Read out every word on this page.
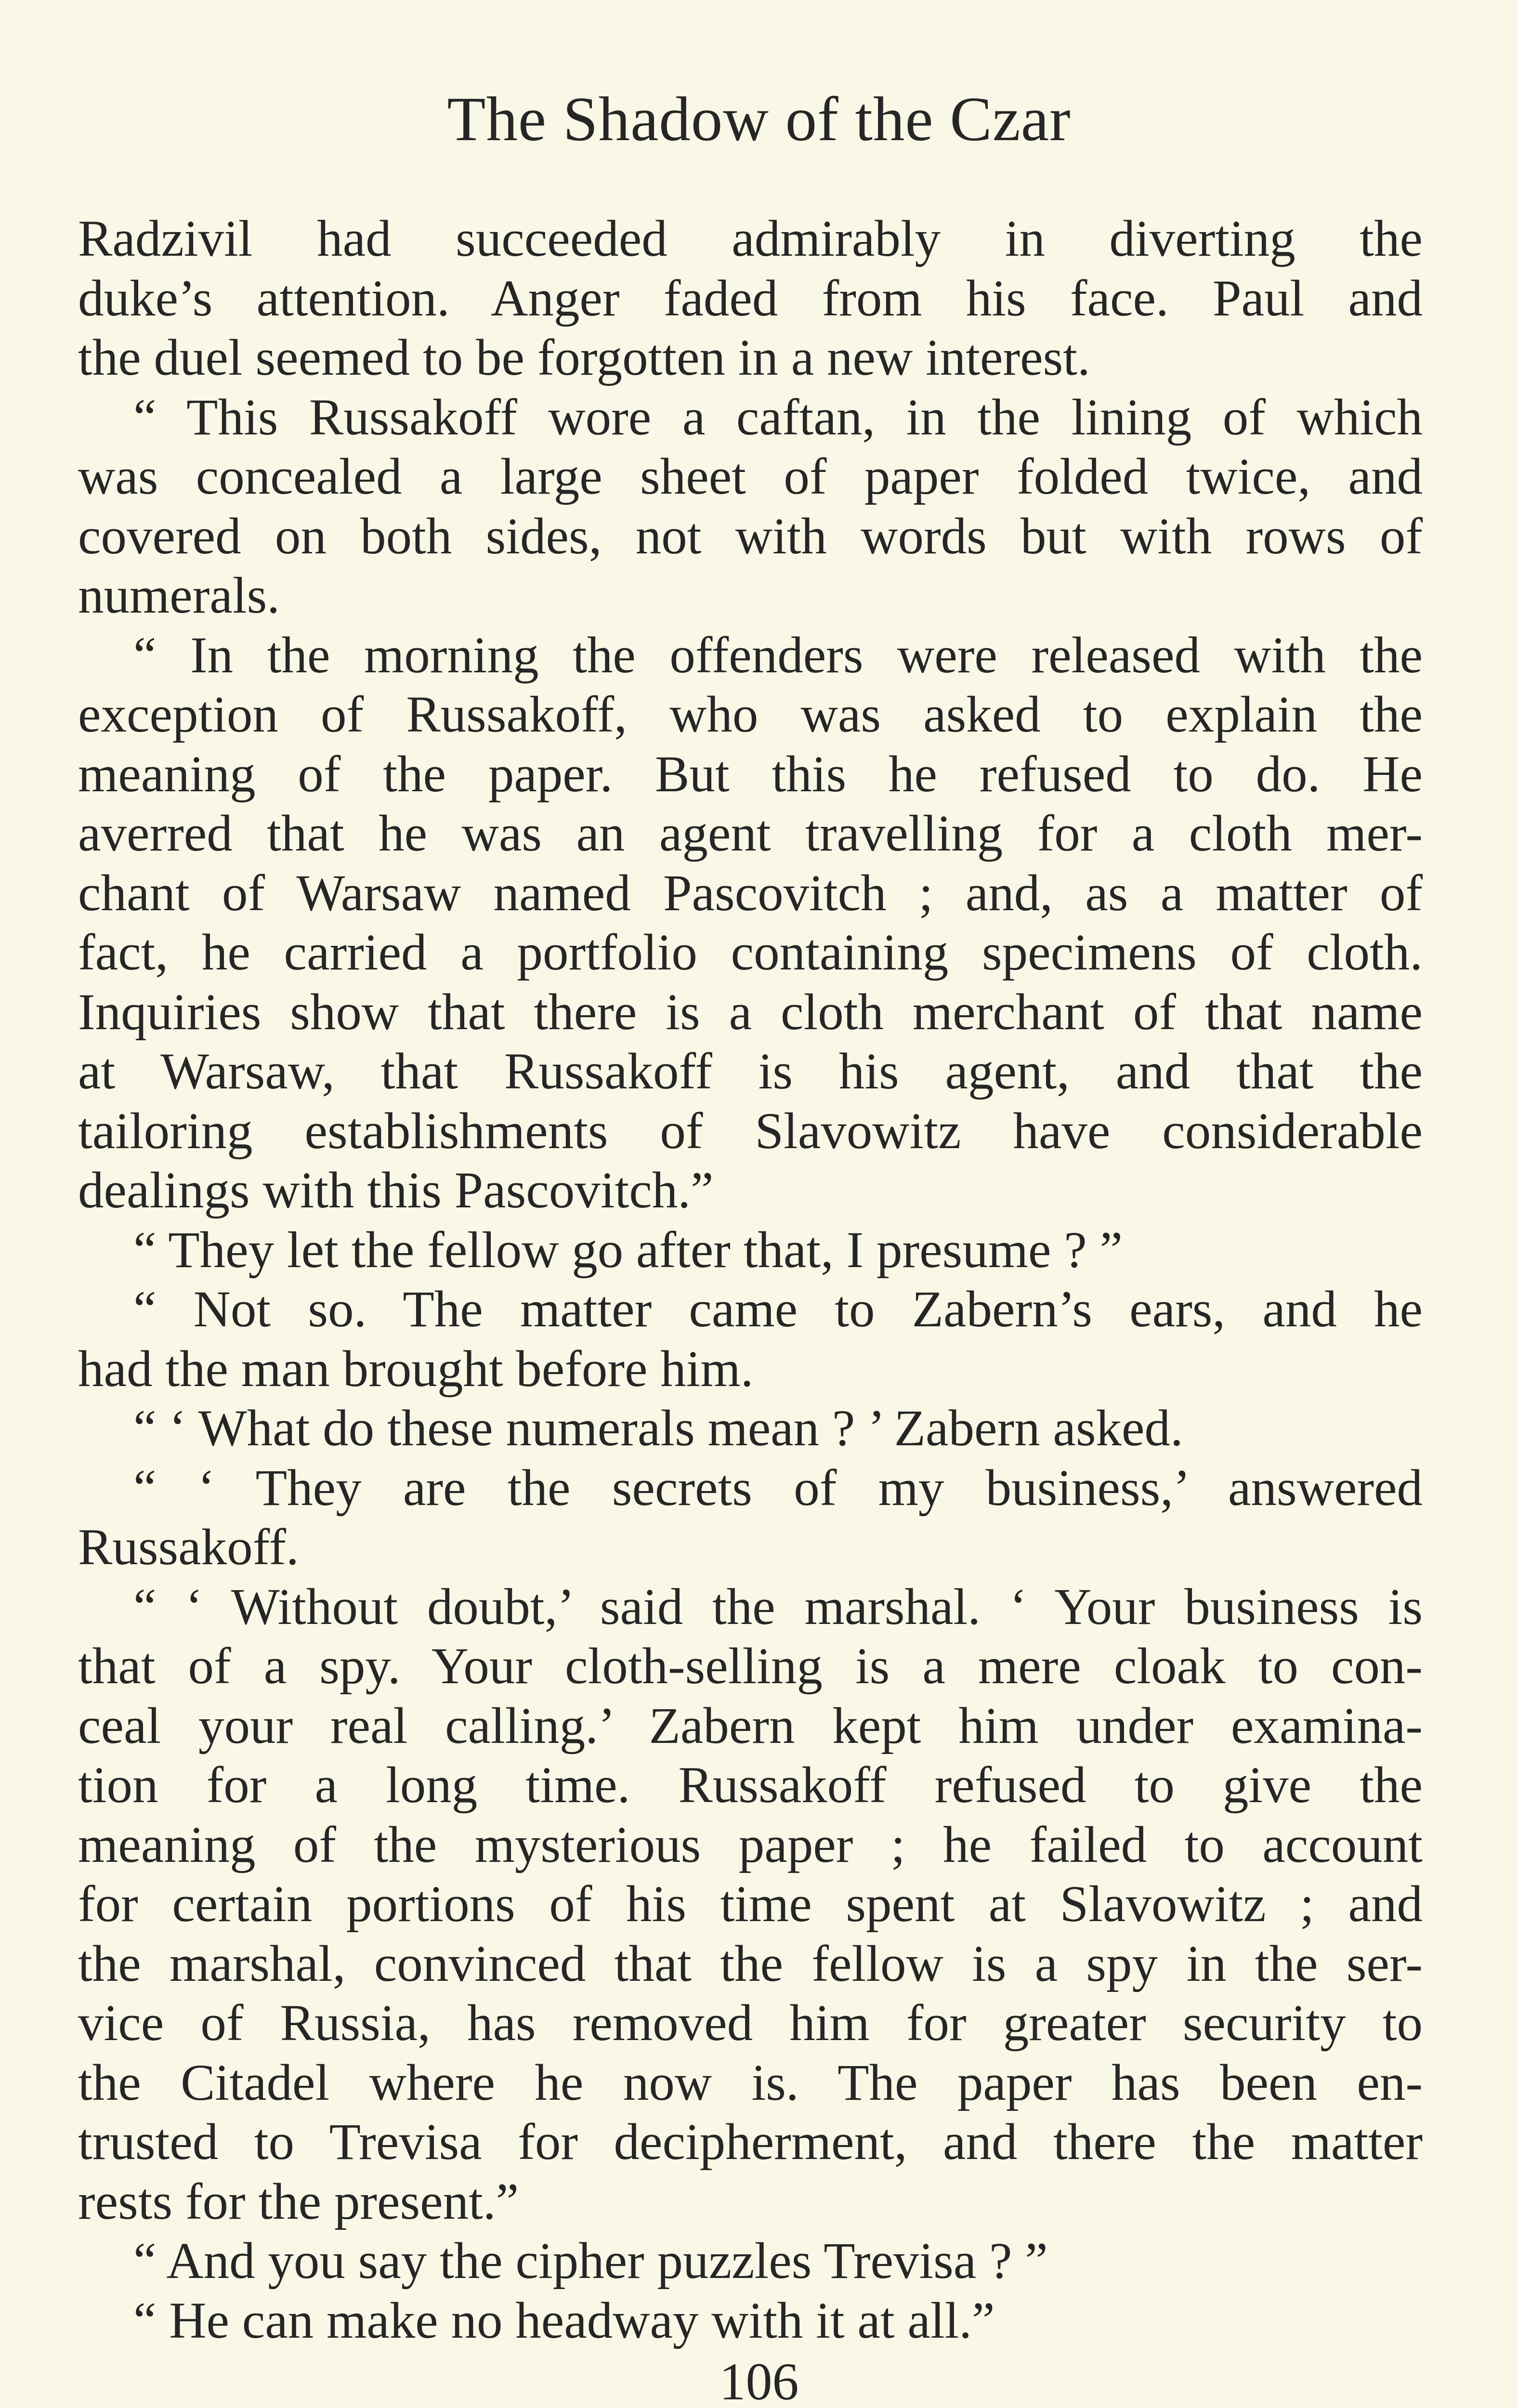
The Shadow of the Czar
Radzivil had succeeded admirably in diverting the
duke’s attention. Anger faded from his face. Paul and
the duel seemed to be forgotten in a new interest.
“ This Russakoff wore a caftan, in the lining of which
was concealed a large sheet of paper folded twice, and
covered on both sides, not with words but with rows of
numerals.
“ In the morning the offenders were released with the
exception of Russakoff, who was asked to explain the
meaning of the paper. But this he refused to do. He
averred that he was an agent travelling for a cloth mer-
chant of Warsaw named Pascovitch ; and, as a matter of
fact, he carried a portfolio containing specimens of cloth.
Inquiries show that there is a cloth merchant of that name
at Warsaw, that Russakoff is his agent, and that the
tailoring establishments of Slavowitz have considerable
dealings with this Pascovitch.”
“ They let the fellow go after that, I presume ? ”
“ Not so. The matter came to Zabern’s ears, and he
had the man brought before him.
“ ‘ What do these numerals mean ? ’ Zabern asked.
“ ‘ They are the secrets of my business,’ answered
Russakoff.
“ ‘ Without doubt,’ said the marshal. ‘ Your business is
that of a spy. Your cloth-selling is a mere cloak to con-
ceal your real calling.’ Zabern kept him under examina-
tion for a long time. Russakoff refused to give the
meaning of the mysterious paper ; he failed to account
for certain portions of his time spent at Slavowitz ; and
the marshal, convinced that the fellow is a spy in the ser-
vice of Russia, has removed him for greater security to
the Citadel where he now is. The paper has been en-
trusted to Trevisa for decipherment, and there the matter
rests for the present.”
“ And you say the cipher puzzles Trevisa ? ”
“ He can make no headway with it at all.”
106
